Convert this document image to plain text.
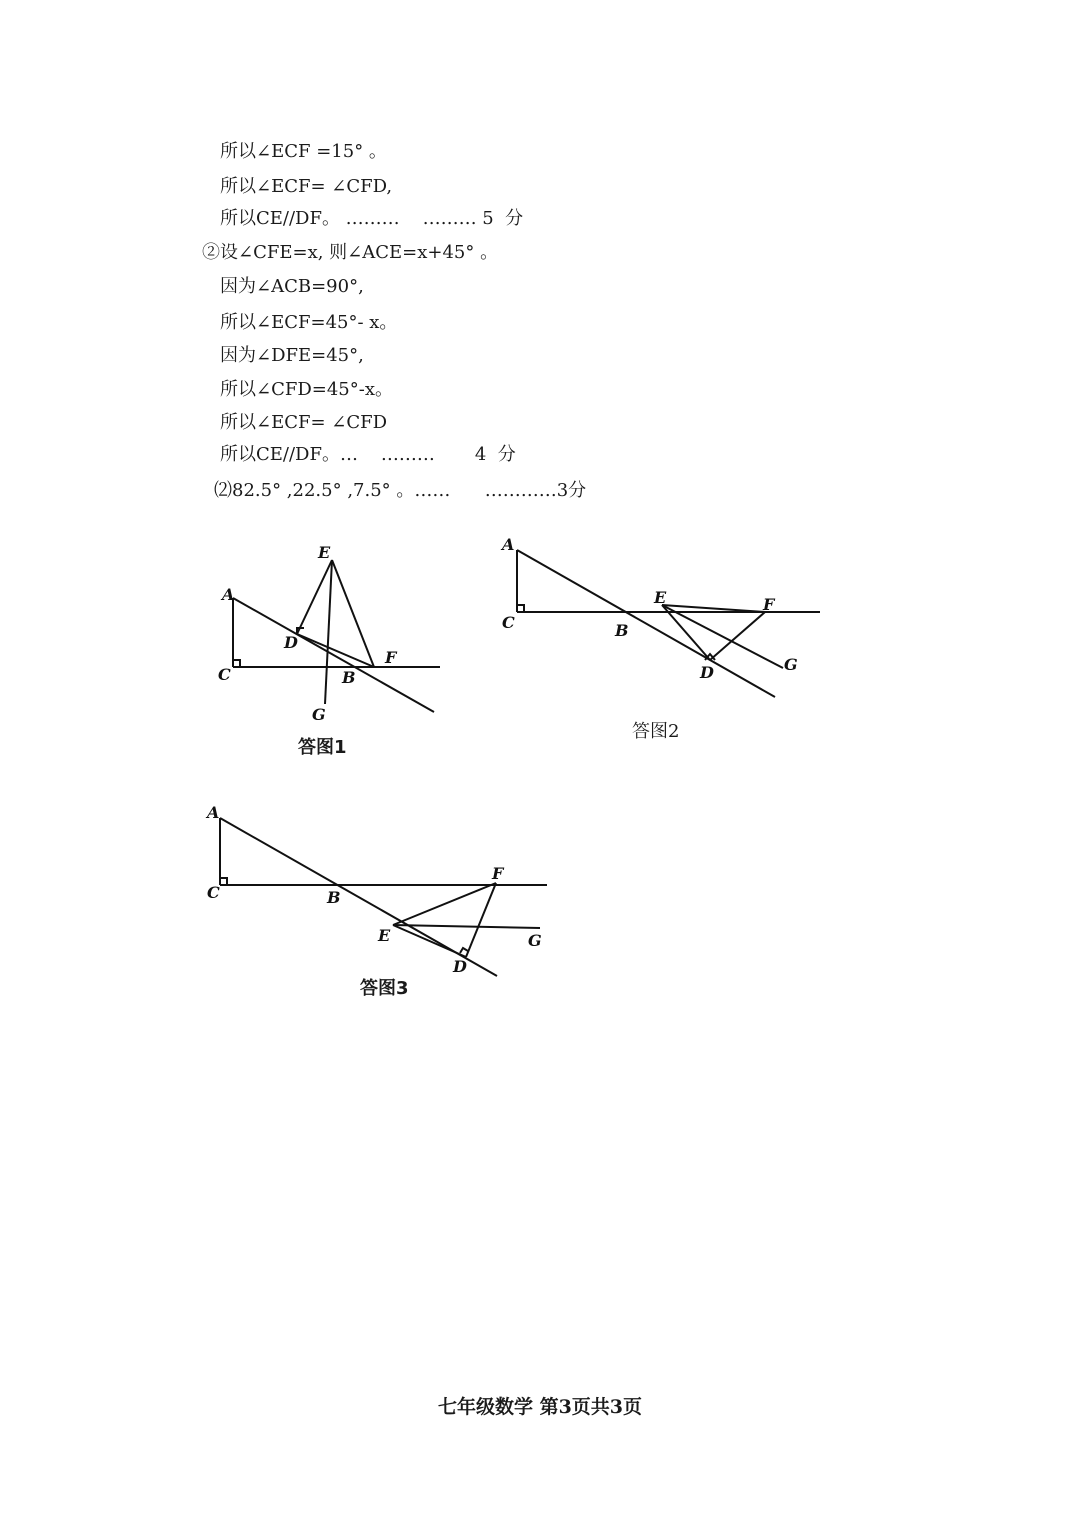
所以∠ECF =15° 。
所以∠ECF= ∠CFD,
所以CE//DF。 ………    ……… 5  分
②设∠CFE=x, 则∠ACE=x+45° 。
因为∠ACB=90°,
所以∠ECF=45°- x。
因为∠DFE=45°,
所以∠CFD=45°-x。
所以∠ECF= ∠CFD
所以CE//DF。…    ………       4  分
⑵82.5° ,22.5° ,7.5° 。……      …………3分
A
C
E
D
F
B
G
答图1
A
C	B
E	F
D	G
答图2
A
C	B
F
E	G
D
答图3
七年级数学 第3页共3页
